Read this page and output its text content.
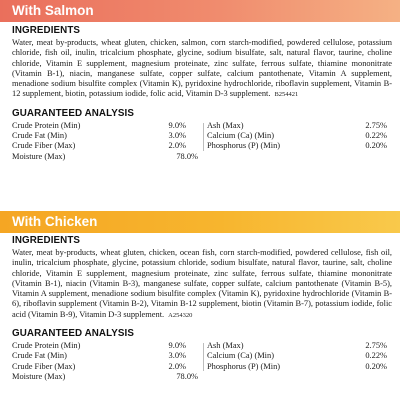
With Salmon
INGREDIENTS
Water, meat by-products, wheat gluten, chicken, salmon, corn starch-modified, powdered cellulose, potassium chloride, fish oil, inulin, tricalcium phosphate, glycine, sodium bisulfate, salt, natural flavor, taurine, choline chloride, Vitamin E supplement, magnesium proteinate, zinc sulfate, ferrous sulfate, thiamine mononitrate (Vitamin B-1), niacin, manganese sulfate, copper sulfate, calcium pantothenate, Vitamin A supplement, menadione sodium bisulfite complex (Vitamin K), pyridoxine hydrochloride, riboflavin supplement, Vitamin B-12 supplement, biotin, potassium iodide, folic acid, Vitamin D-3 supplement. B254421
GUARANTEED ANALYSIS
Crude Protein (Min)	9.0%
Crude Fat (Min)	3.0%
Crude Fiber (Max)	2.0%
Moisture (Max)	78.0%
Ash (Max)	2.75%
Calcium (Ca) (Min)	0.22%
Phosphorus (P) (Min)	0.20%
With Chicken
INGREDIENTS
Water, meat by-products, wheat gluten, chicken, ocean fish, corn starch-modified, powdered cellulose, fish oil, inulin, tricalcium phosphate, glycine, potassium chloride, sodium bisulfate, natural flavor, taurine, salt, choline chloride, Vitamin E supplement, magnesium proteinate, zinc sulfate, ferrous sulfate, thiamine mononitrate (Vitamin B-1), niacin (Vitamin B-3), manganese sulfate, copper sulfate, calcium pantothenate (Vitamin B-5), Vitamin A supplement, menadione sodium bisulfite complex (Vitamin K), pyridoxine hydrochloride (Vitamin B-6), riboflavin supplement (Vitamin B-2), Vitamin B-12 supplement, biotin (Vitamin B-7), potassium iodide, folic acid (Vitamin B-9), Vitamin D-3 supplement. A254320
GUARANTEED ANALYSIS
Crude Protein (Min)	9.0%
Crude Fat (Min)	3.0%
Crude Fiber (Max)	2.0%
Moisture (Max)	78.0%
Ash (Max)	2.75%
Calcium (Ca) (Min)	0.22%
Phosphorus (P) (Min)	0.20%
